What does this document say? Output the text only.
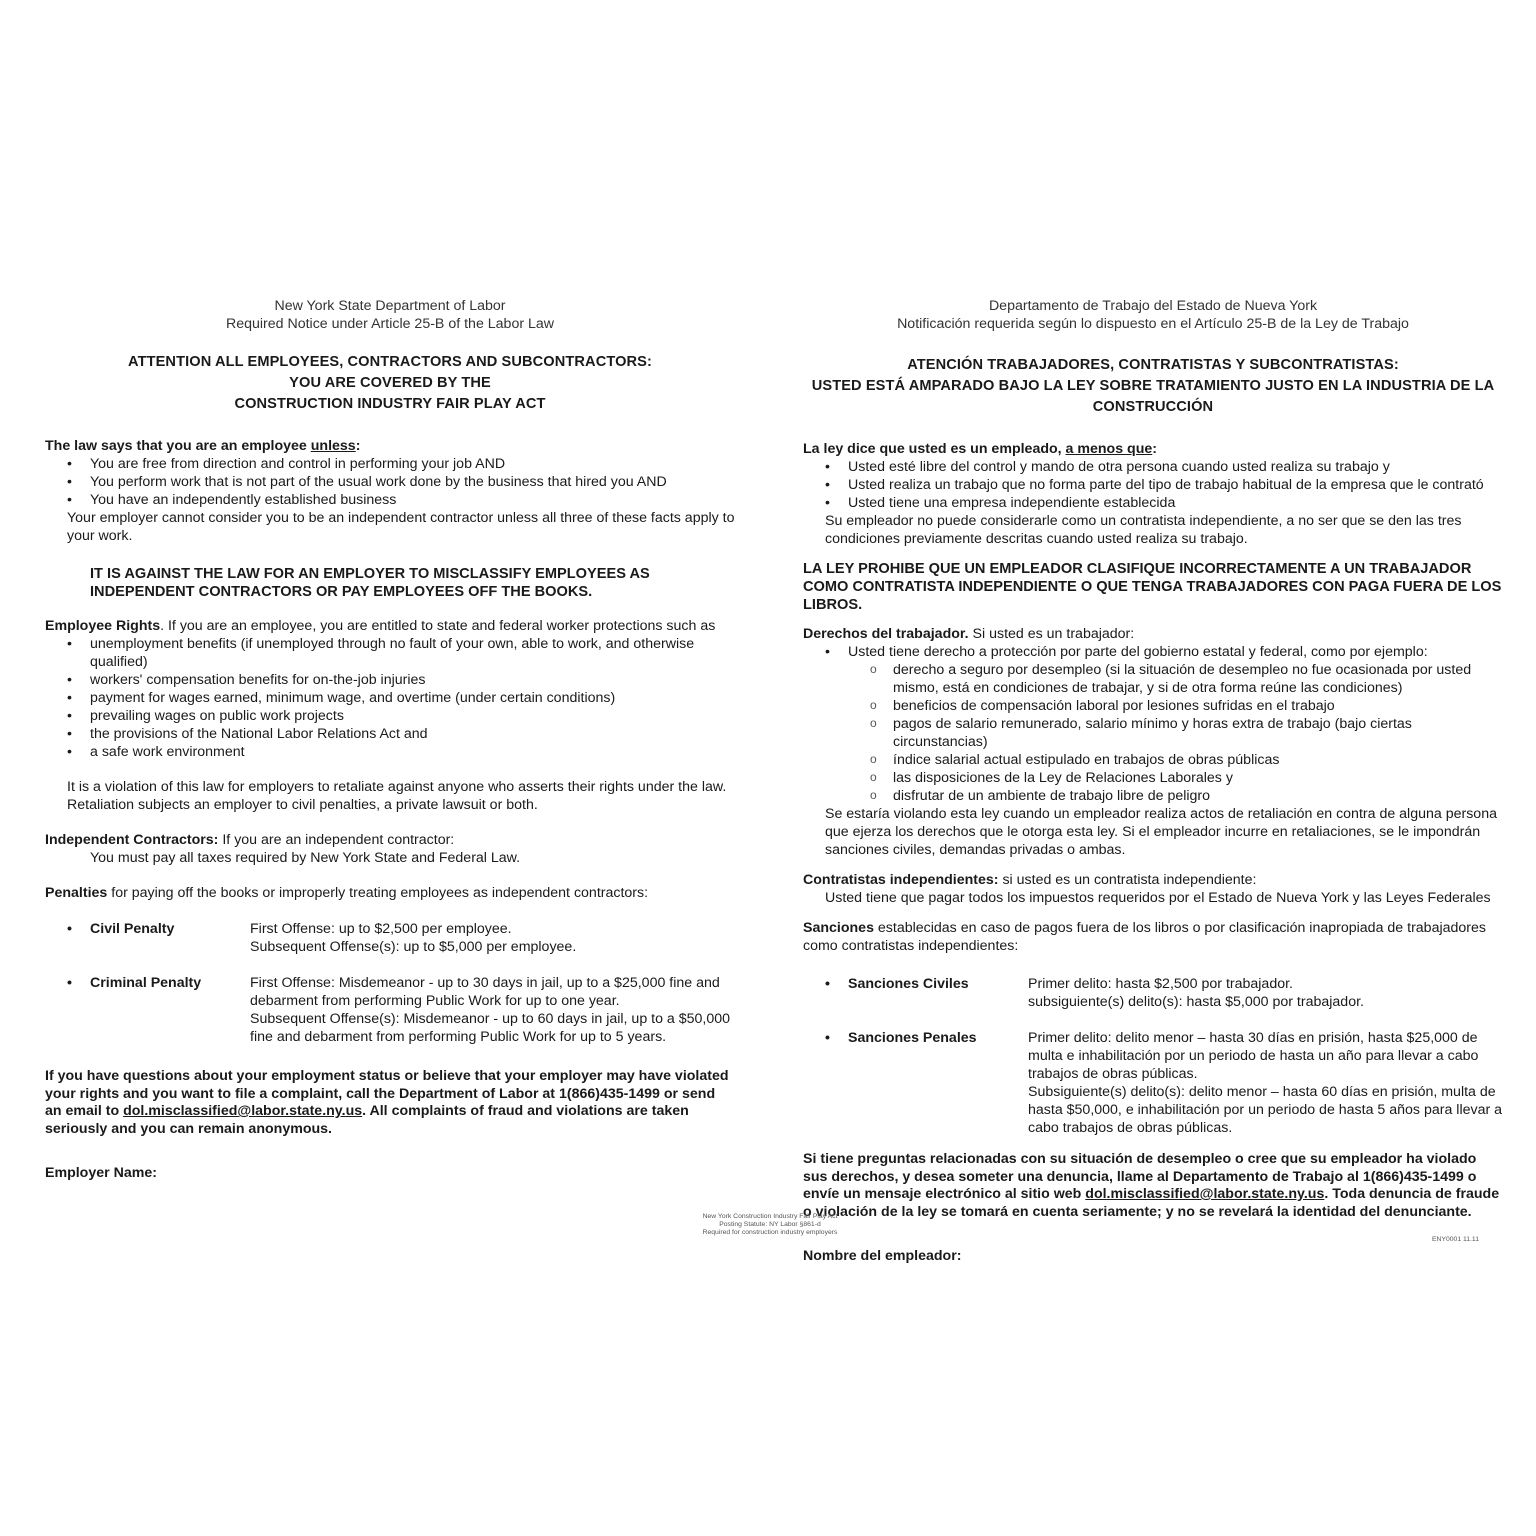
New York State Department of Labor
Required Notice under Article 25-B of the Labor Law
ATTENTION ALL EMPLOYEES, CONTRACTORS AND SUBCONTRACTORS:
YOU ARE COVERED BY THE
CONSTRUCTION INDUSTRY FAIR PLAY ACT
The law says that you are an employee unless:
• You are free from direction and control in performing your job AND
• You perform work that is not part of the usual work done by the business that hired you AND
• You have an independently established business
Your employer cannot consider you to be an independent contractor unless all three of these facts apply to your work.
IT IS AGAINST THE LAW FOR AN EMPLOYER TO MISCLASSIFY EMPLOYEES AS INDEPENDENT CONTRACTORS OR PAY EMPLOYEES OFF THE BOOKS.
Employee Rights. If you are an employee, you are entitled to state and federal worker protections such as
• unemployment benefits (if unemployed through no fault of your own, able to work, and otherwise qualified)
• workers' compensation benefits for on-the-job injuries
• payment for wages earned, minimum wage, and overtime (under certain conditions)
• prevailing wages on public work projects
• the provisions of the National Labor Relations Act and
• a safe work environment
It is a violation of this law for employers to retaliate against anyone who asserts their rights under the law. Retaliation subjects an employer to civil penalties, a private lawsuit or both.
Independent Contractors: If you are an independent contractor:
You must pay all taxes required by New York State and Federal Law.
Penalties for paying off the books or improperly treating employees as independent contractors:
• Civil Penalty	First Offense: up to $2,500 per employee.
Subsequent Offense(s): up to $5,000 per employee.
• Criminal Penalty	First Offense: Misdemeanor - up to 30 days in jail, up to a $25,000 fine and debarment from performing Public Work for up to one year.
Subsequent Offense(s): Misdemeanor - up to 60 days in jail, up to a $50,000 fine and debarment from performing Public Work for up to 5 years.
If you have questions about your employment status or believe that your employer may have violated your rights and you want to file a complaint, call the Department of Labor at 1(866)435-1499 or send an email to dol.misclassified@labor.state.ny.us. All complaints of fraud and violations are taken seriously and you can remain anonymous.
Employer Name:
Departamento de Trabajo del Estado de Nueva York
Notificación requerida según lo dispuesto en el Artículo 25-B de la Ley de Trabajo
ATENCIÓN TRABAJADORES, CONTRATISTAS Y SUBCONTRATISTAS:
USTED ESTÁ AMPARADO BAJO LA LEY SOBRE TRATAMIENTO JUSTO EN LA INDUSTRIA DE LA CONSTRUCCIÓN
La ley dice que usted es un empleado, a menos que:
• Usted esté libre del control y mando de otra persona cuando usted realiza su trabajo y
• Usted realiza un trabajo que no forma parte del tipo de trabajo habitual de la empresa que le contrató
• Usted tiene una empresa independiente establecida
Su empleador no puede considerarle como un contratista independiente, a no ser que se den las tres condiciones previamente descritas cuando usted realiza su trabajo.
LA LEY PROHIBE QUE UN EMPLEADOR CLASIFIQUE INCORRECTAMENTE A UN TRABAJADOR COMO CONTRATISTA INDEPENDIENTE O QUE TENGA TRABAJADORES CON PAGA FUERA DE LOS LIBROS.
Derechos del trabajador. Si usted es un trabajador:
• Usted tiene derecho a protección por parte del gobierno estatal y federal, como por ejemplo:
o derecho a seguro por desempleo (si la situación de desempleo no fue ocasionada por usted mismo, está en condiciones de trabajar, y si de otra forma reúne las condiciones)
o beneficios de compensación laboral por lesiones sufridas en el trabajo
o pagos de salario remunerado, salario mínimo y horas extra de trabajo (bajo ciertas circunstancias)
o índice salarial actual estipulado en trabajos de obras públicas
o las disposiciones de la Ley de Relaciones Laborales y
o disfrutar de un ambiente de trabajo libre de peligro
Se estaría violando esta ley cuando un empleador realiza actos de retaliación en contra de alguna persona que ejerza los derechos que le otorga esta ley. Si el empleador incurre en retaliaciones, se le impondrán sanciones civiles, demandas privadas o ambas.
Contratistas independientes: si usted es un contratista independiente:
Usted tiene que pagar todos los impuestos requeridos por el Estado de Nueva York y las Leyes Federales
Sanciones establecidas en caso de pagos fuera de los libros o por clasificación inapropiada de trabajadores como contratistas independientes:
• Sanciones Civiles	Primer delito: hasta $2,500 por trabajador.
subsiguiente(s) delito(s): hasta $5,000 por trabajador.
• Sanciones Penales	Primer delito: delito menor – hasta 30 días en prisión, hasta $25,000 de multa e inhabilitación por un periodo de hasta un año para llevar a cabo trabajos de obras públicas.
Subsiguiente(s) delito(s): delito menor – hasta 60 días en prisión, multa de hasta $50,000, e inhabilitación por un periodo de hasta 5 años para llevar a cabo trabajos de obras públicas.
Si tiene preguntas relacionadas con su situación de desempleo o cree que su empleador ha violado sus derechos, y desea someter una denuncia, llame al Departamento de Trabajo al 1(866)435-1499 o envíe un mensaje electrónico al sitio web dol.misclassified@labor.state.ny.us. Toda denuncia de fraude o violación de la ley se tomará en cuenta seriamente; y no se revelará la identidad del denunciante.
Nombre del empleador:
New York Construction Industry Fair Play Act
Posting Statute: NY Labor §861-d
Required for construction industry employers
ENY0001 11.11
